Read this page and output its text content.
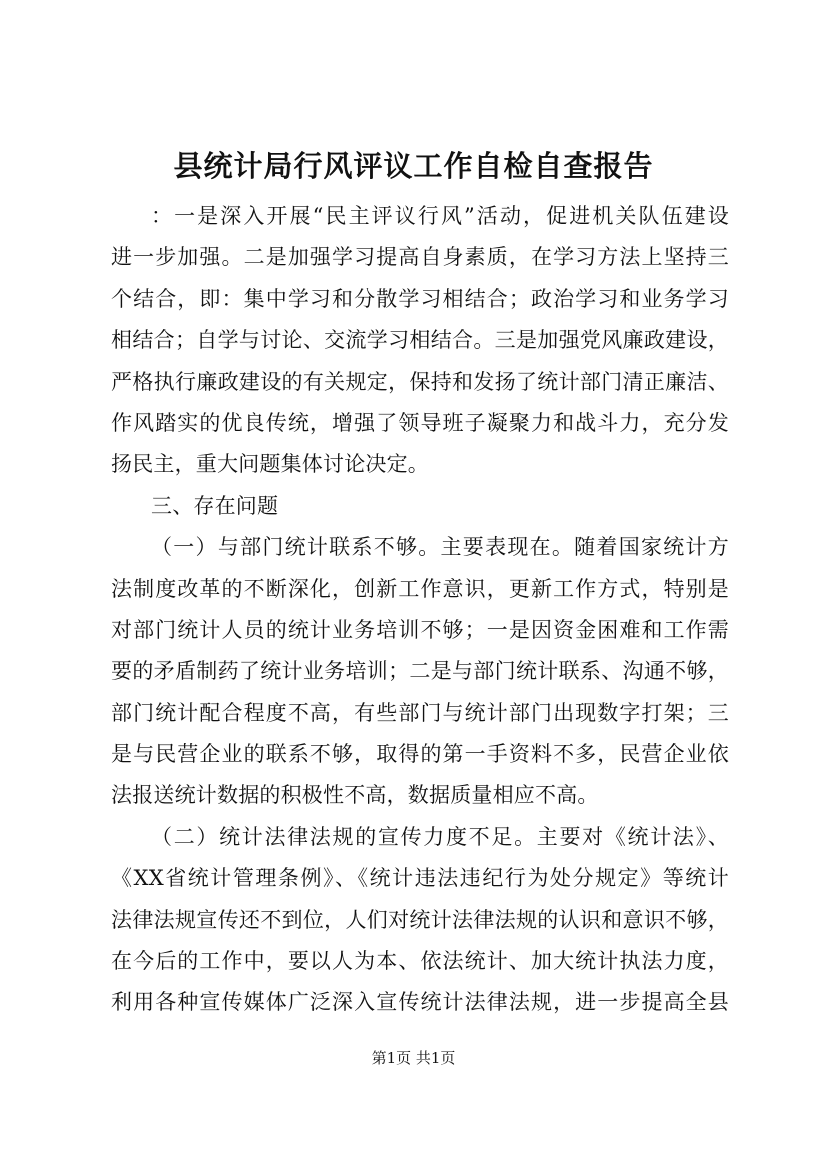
县统计局行风评议工作自检自查报告
：一是深入开展“民主评议行风”活动，促进机关队伍建设
进一步加强。二是加强学习提高自身素质，在学习方法上坚持三
个结合，即：集中学习和分散学习相结合；政治学习和业务学习
相结合；自学与讨论、交流学习相结合。三是加强党风廉政建设，
严格执行廉政建设的有关规定，保持和发扬了统计部门清正廉洁、
作风踏实的优良传统，增强了领导班子凝聚力和战斗力，充分发
扬民主，重大问题集体讨论决定。
三、存在问题
（一）与部门统计联系不够。主要表现在。随着国家统计方
法制度改革的不断深化，创新工作意识，更新工作方式，特别是
对部门统计人员的统计业务培训不够；一是因资金困难和工作需
要的矛盾制药了统计业务培训；二是与部门统计联系、沟通不够，
部门统计配合程度不高，有些部门与统计部门出现数字打架；三
是与民营企业的联系不够，取得的第一手资料不多，民营企业依
法报送统计数据的积极性不高，数据质量相应不高。
（二）统计法律法规的宣传力度不足。主要对《统计法》、
《XX省统计管理条例》、《统计违法违纪行为处分规定》等统计
法律法规宣传还不到位，人们对统计法律法规的认识和意识不够，
在今后的工作中，要以人为本、依法统计、加大统计执法力度，
利用各种宣传媒体广泛深入宣传统计法律法规，进一步提高全县
第1页 共1页
